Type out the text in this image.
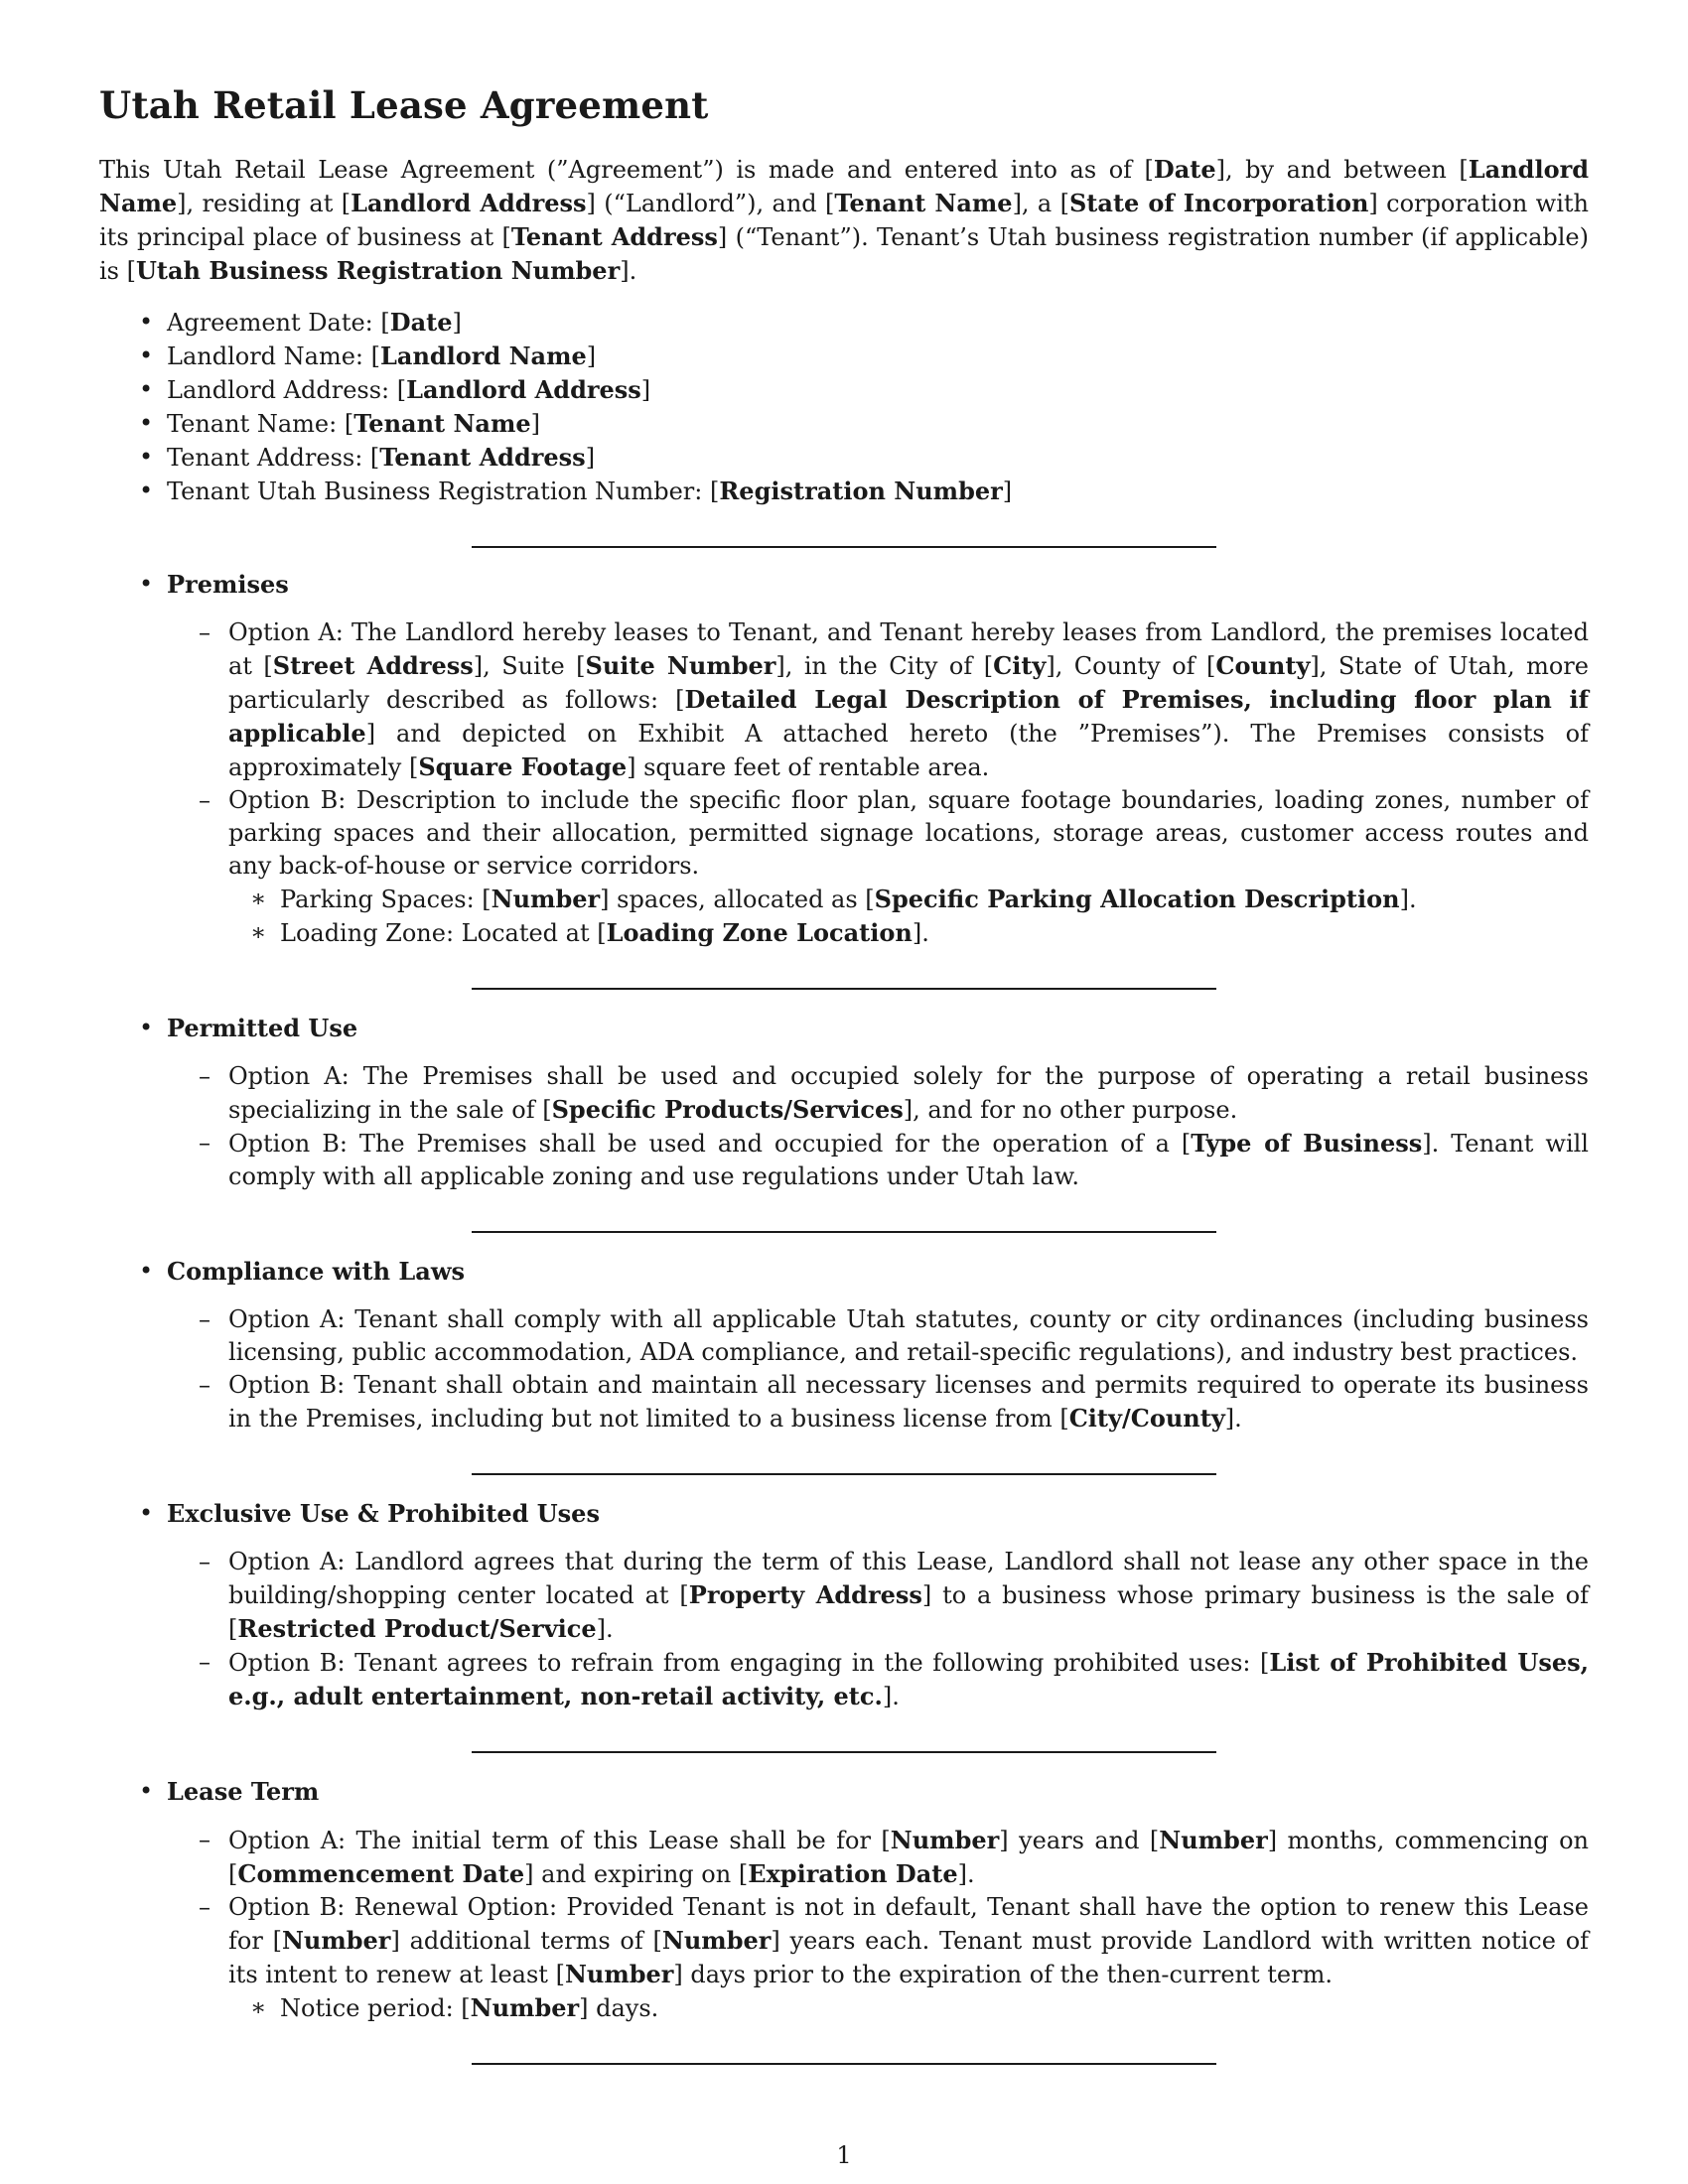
Utah Retail Lease Agreement

This Utah Retail Lease Agreement (”Agreement”) is made and entered into as of [Date], by and between [Landlord Name], residing at [Landlord Address] (“Landlord”), and [Tenant Name], a [State of Incorporation] corporation with its principal place of business at [Tenant Address] (“Tenant”). Tenant’s Utah business registration number (if applicable) is [Utah Business Registration Number].

• Agreement Date: [Date]
• Landlord Name: [Landlord Name]
• Landlord Address: [Landlord Address]
• Tenant Name: [Tenant Name]
• Tenant Address: [Tenant Address]
• Tenant Utah Business Registration Number: [Registration Number]
• Premises
– Option A: The Landlord hereby leases to Tenant, and Tenant hereby leases from Landlord, the premises located at [Street Address], Suite [Suite Number], in the City of [City], County of [County], State of Utah, more particularly described as follows: [Detailed Legal Description of Premises, including floor plan if applicable] and depicted on Exhibit A attached hereto (the ”Premises”). The Premises consists of approximately [Square Footage] square feet of rentable area.
– Option B: Description to include the specific floor plan, square footage boundaries, loading zones, number of parking spaces and their allocation, permitted signage locations, storage areas, customer access routes and any back-of-house or service corridors.
∗ Parking Spaces: [Number] spaces, allocated as [Specific Parking Allocation Description].
∗ Loading Zone: Located at [Loading Zone Location].
• Permitted Use
– Option A: The Premises shall be used and occupied solely for the purpose of operating a retail business specializing in the sale of [Specific Products/Services], and for no other purpose.
– Option B: The Premises shall be used and occupied for the operation of a [Type of Business]. Tenant will comply with all applicable zoning and use regulations under Utah law.
• Compliance with Laws
– Option A: Tenant shall comply with all applicable Utah statutes, county or city ordinances (including business licensing, public accommodation, ADA compliance, and retail-specific regulations), and industry best practices.
– Option B: Tenant shall obtain and maintain all necessary licenses and permits required to operate its business in the Premises, including but not limited to a business license from [City/County].
• Exclusive Use & Prohibited Uses
– Option A: Landlord agrees that during the term of this Lease, Landlord shall not lease any other space in the building/shopping center located at [Property Address] to a business whose primary business is the sale of [Restricted Product/Service].
– Option B: Tenant agrees to refrain from engaging in the following prohibited uses: [List of Prohibited Uses, e.g., adult entertainment, non-retail activity, etc.].
• Lease Term
– Option A: The initial term of this Lease shall be for [Number] years and [Number] months, commencing on [Commencement Date] and expiring on [Expiration Date].
– Option B: Renewal Option: Provided Tenant is not in default, Tenant shall have the option to renew this Lease for [Number] additional terms of [Number] years each. Tenant must provide Landlord with written notice of its intent to renew at least [Number] days prior to the expiration of the then-current term.
∗ Notice period: [Number] days.
1
